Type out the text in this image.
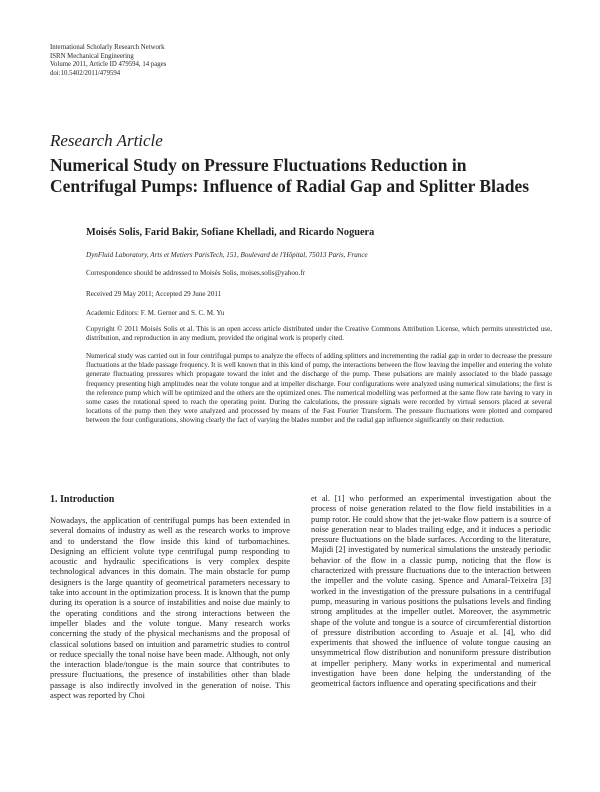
International Scholarly Research Network
ISRN Mechanical Engineering
Volume 2011, Article ID 479594, 14 pages
doi:10.5402/2011/479594
Research Article
Numerical Study on Pressure Fluctuations Reduction in
Centrifugal Pumps: Influence of Radial Gap and Splitter Blades
Moisés Solis, Farid Bakir, Sofiane Khelladi, and Ricardo Noguera
DynFluid Laboratory, Arts et Metiers ParisTech, 151, Boulevard de l'Hôpital, 75013 Paris, France
Correspondence should be addressed to Moisés Solis, moises.solis@yahoo.fr
Received 29 May 2011; Accepted 29 June 2011
Academic Editors: F. M. Gerner and S. C. M. Yu
Copyright © 2011 Moisés Solis et al. This is an open access article distributed under the Creative Commons Attribution License, which permits unrestricted use, distribution, and reproduction in any medium, provided the original work is properly cited.
Numerical study was carried out in four centrifugal pumps to analyze the effects of adding splitters and incrementing the radial gap in order to decrease the pressure fluctuations at the blade passage frequency. It is well known that in this kind of pump, the interactions between the flow leaving the impeller and entering the volute generate fluctuating pressures which propagate toward the inlet and the discharge of the pump. These pulsations are mainly associated to the blade passage frequency presenting high amplitudes near the volute tongue and at impeller discharge. Four configurations were analyzed using numerical simulations; the first is the reference pump which will be optimized and the others are the optimized ones. The numerical modelling was performed at the same flow rate having to vary in some cases the rotational speed to reach the operating point. During the calculations, the pressure signals were recorded by virtual sensors placed at several locations of the pump then they were analyzed and processed by means of the Fast Fourier Transform. The pressure fluctuations were plotted and compared between the four configurations, showing clearly the fact of varying the blades number and the radial gap influence significantly on their reduction.
1. Introduction

Nowadays, the application of centrifugal pumps has been extended in several domains of industry as well as the research works to improve and to understand the flow inside this kind of turbomachines. Designing an efficient volute type centrifugal pump responding to acoustic and hydraulic specifications is very complex despite technological advances in this domain. The main obstacle for pump designers is the large quantity of geometrical parameters necessary to take into account in the optimization process. It is known that the pump during its operation is a source of instabilities and noise due mainly to the operating conditions and the strong interactions between the impeller blades and the volute tongue. Many research works concerning the study of the physical mechanisms and the proposal of classical solutions based on intuition and parametric studies to control or reduce specially the tonal noise have been made. Although, not only the interaction blade/tongue is the main source that contributes to pressure fluctuations, the presence of instabilities other than blade passage is also indirectly involved in the generation of noise. This aspect was reported by Choi

et al. [1] who performed an experimental investigation about the process of noise generation related to the flow field instabilities in a pump rotor. He could show that the jet-wake flow pattern is a source of noise generation near to blades trailing edge, and it induces a periodic pressure fluctuations on the blade surfaces. According to the literature, Majidi [2] investigated by numerical simulations the unsteady periodic behavior of the flow in a classic pump, noticing that the flow is characterized with pressure fluctuations due to the interaction between the impeller and the volute casing. Spence and Amaral-Teixeira [3] worked in the investigation of the pressure pulsations in a centrifugal pump, measuring in various positions the pulsations levels and finding strong amplitudes at the impeller outlet. Moreover, the asymmetric shape of the volute and tongue is a source of circumferential distortion of pressure distribution according to Asuaje et al. [4], who did experiments that showed the influence of volute tongue causing an unsymmetrical flow distribution and nonuniform pressure distribution at impeller periphery. Many works in experimental and numerical investigation have been done helping the understanding of the geometrical factors influence and operating specifications and their
